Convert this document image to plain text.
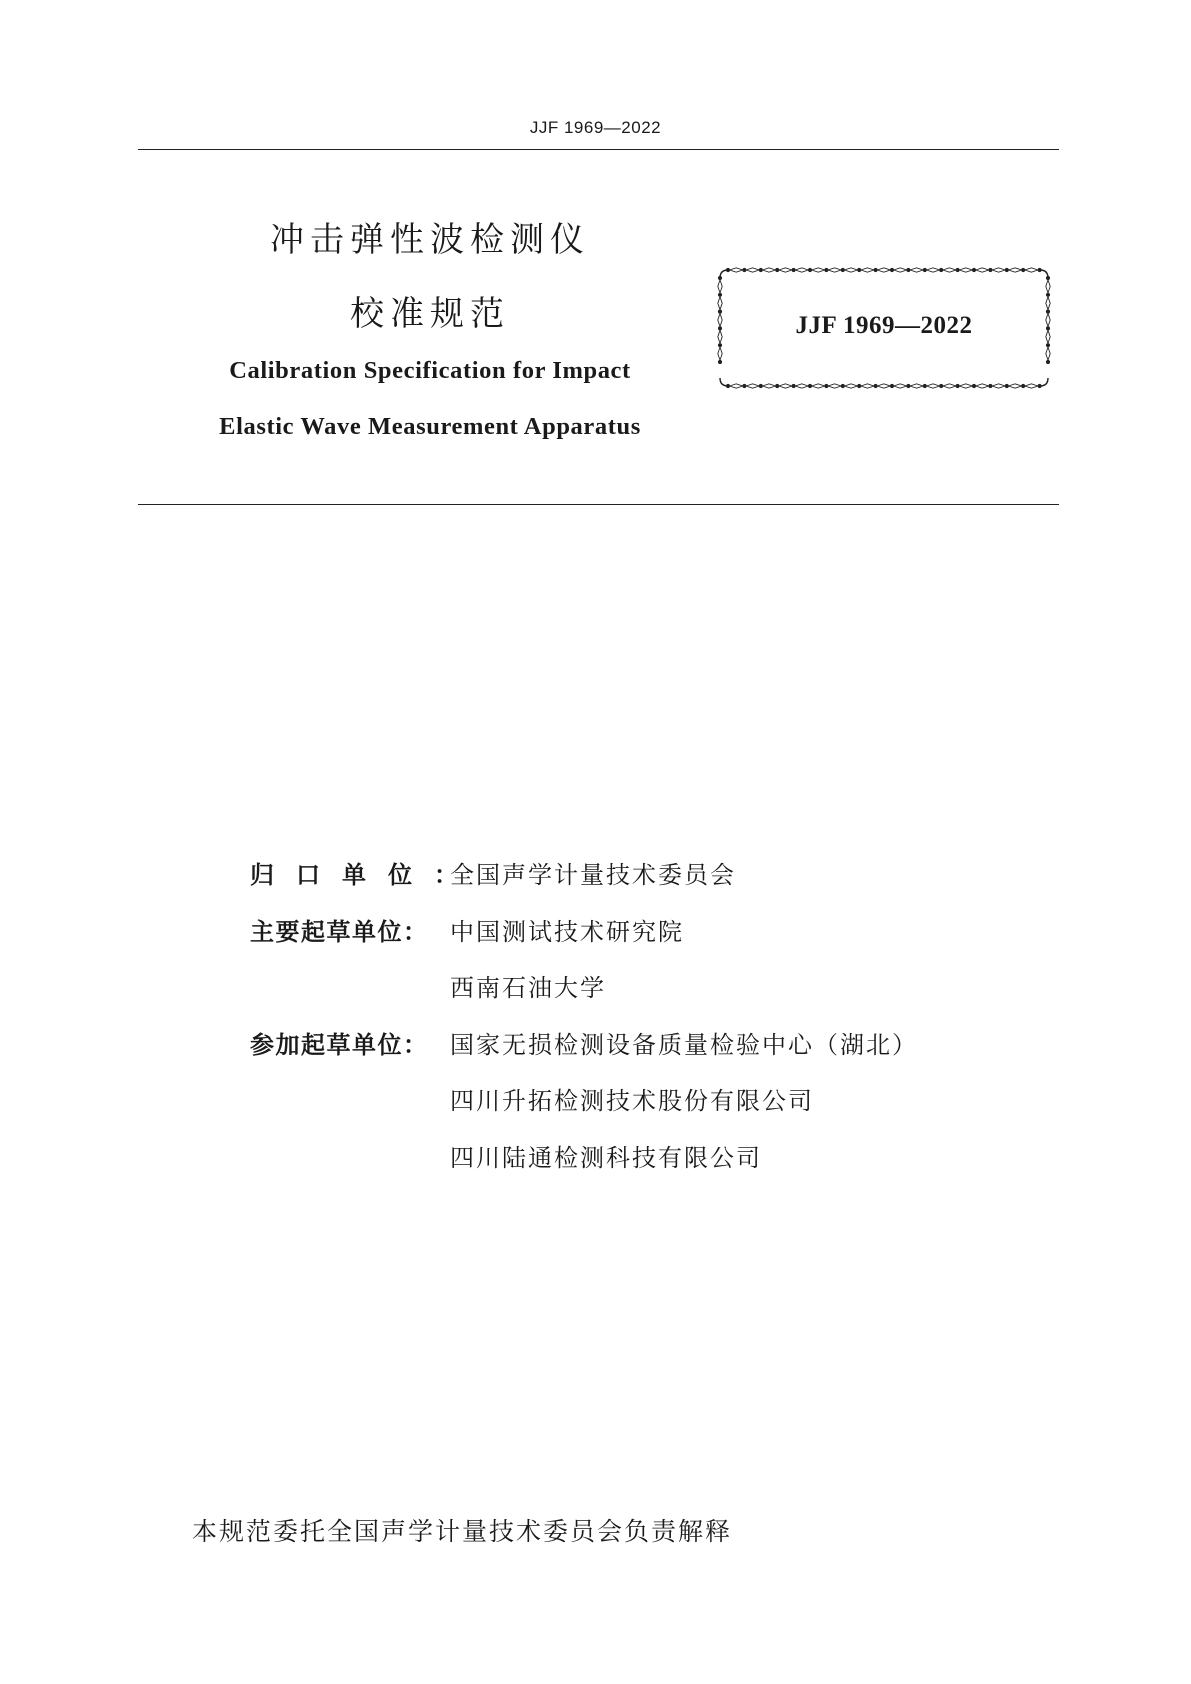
JJF 1969—2022
冲击弹性波检测仪
校准规范
Calibration Specification for Impact
Elastic Wave Measurement Apparatus
JJF 1969—2022
归口单位：
全国声学计量技术委员会
主要起草单位： 中国测试技术研究院
西南石油大学
参加起草单位： 国家无损检测设备质量检验中心（湖北）
四川升拓检测技术股份有限公司
四川陆通检测科技有限公司
本规范委托全国声学计量技术委员会负责解释
